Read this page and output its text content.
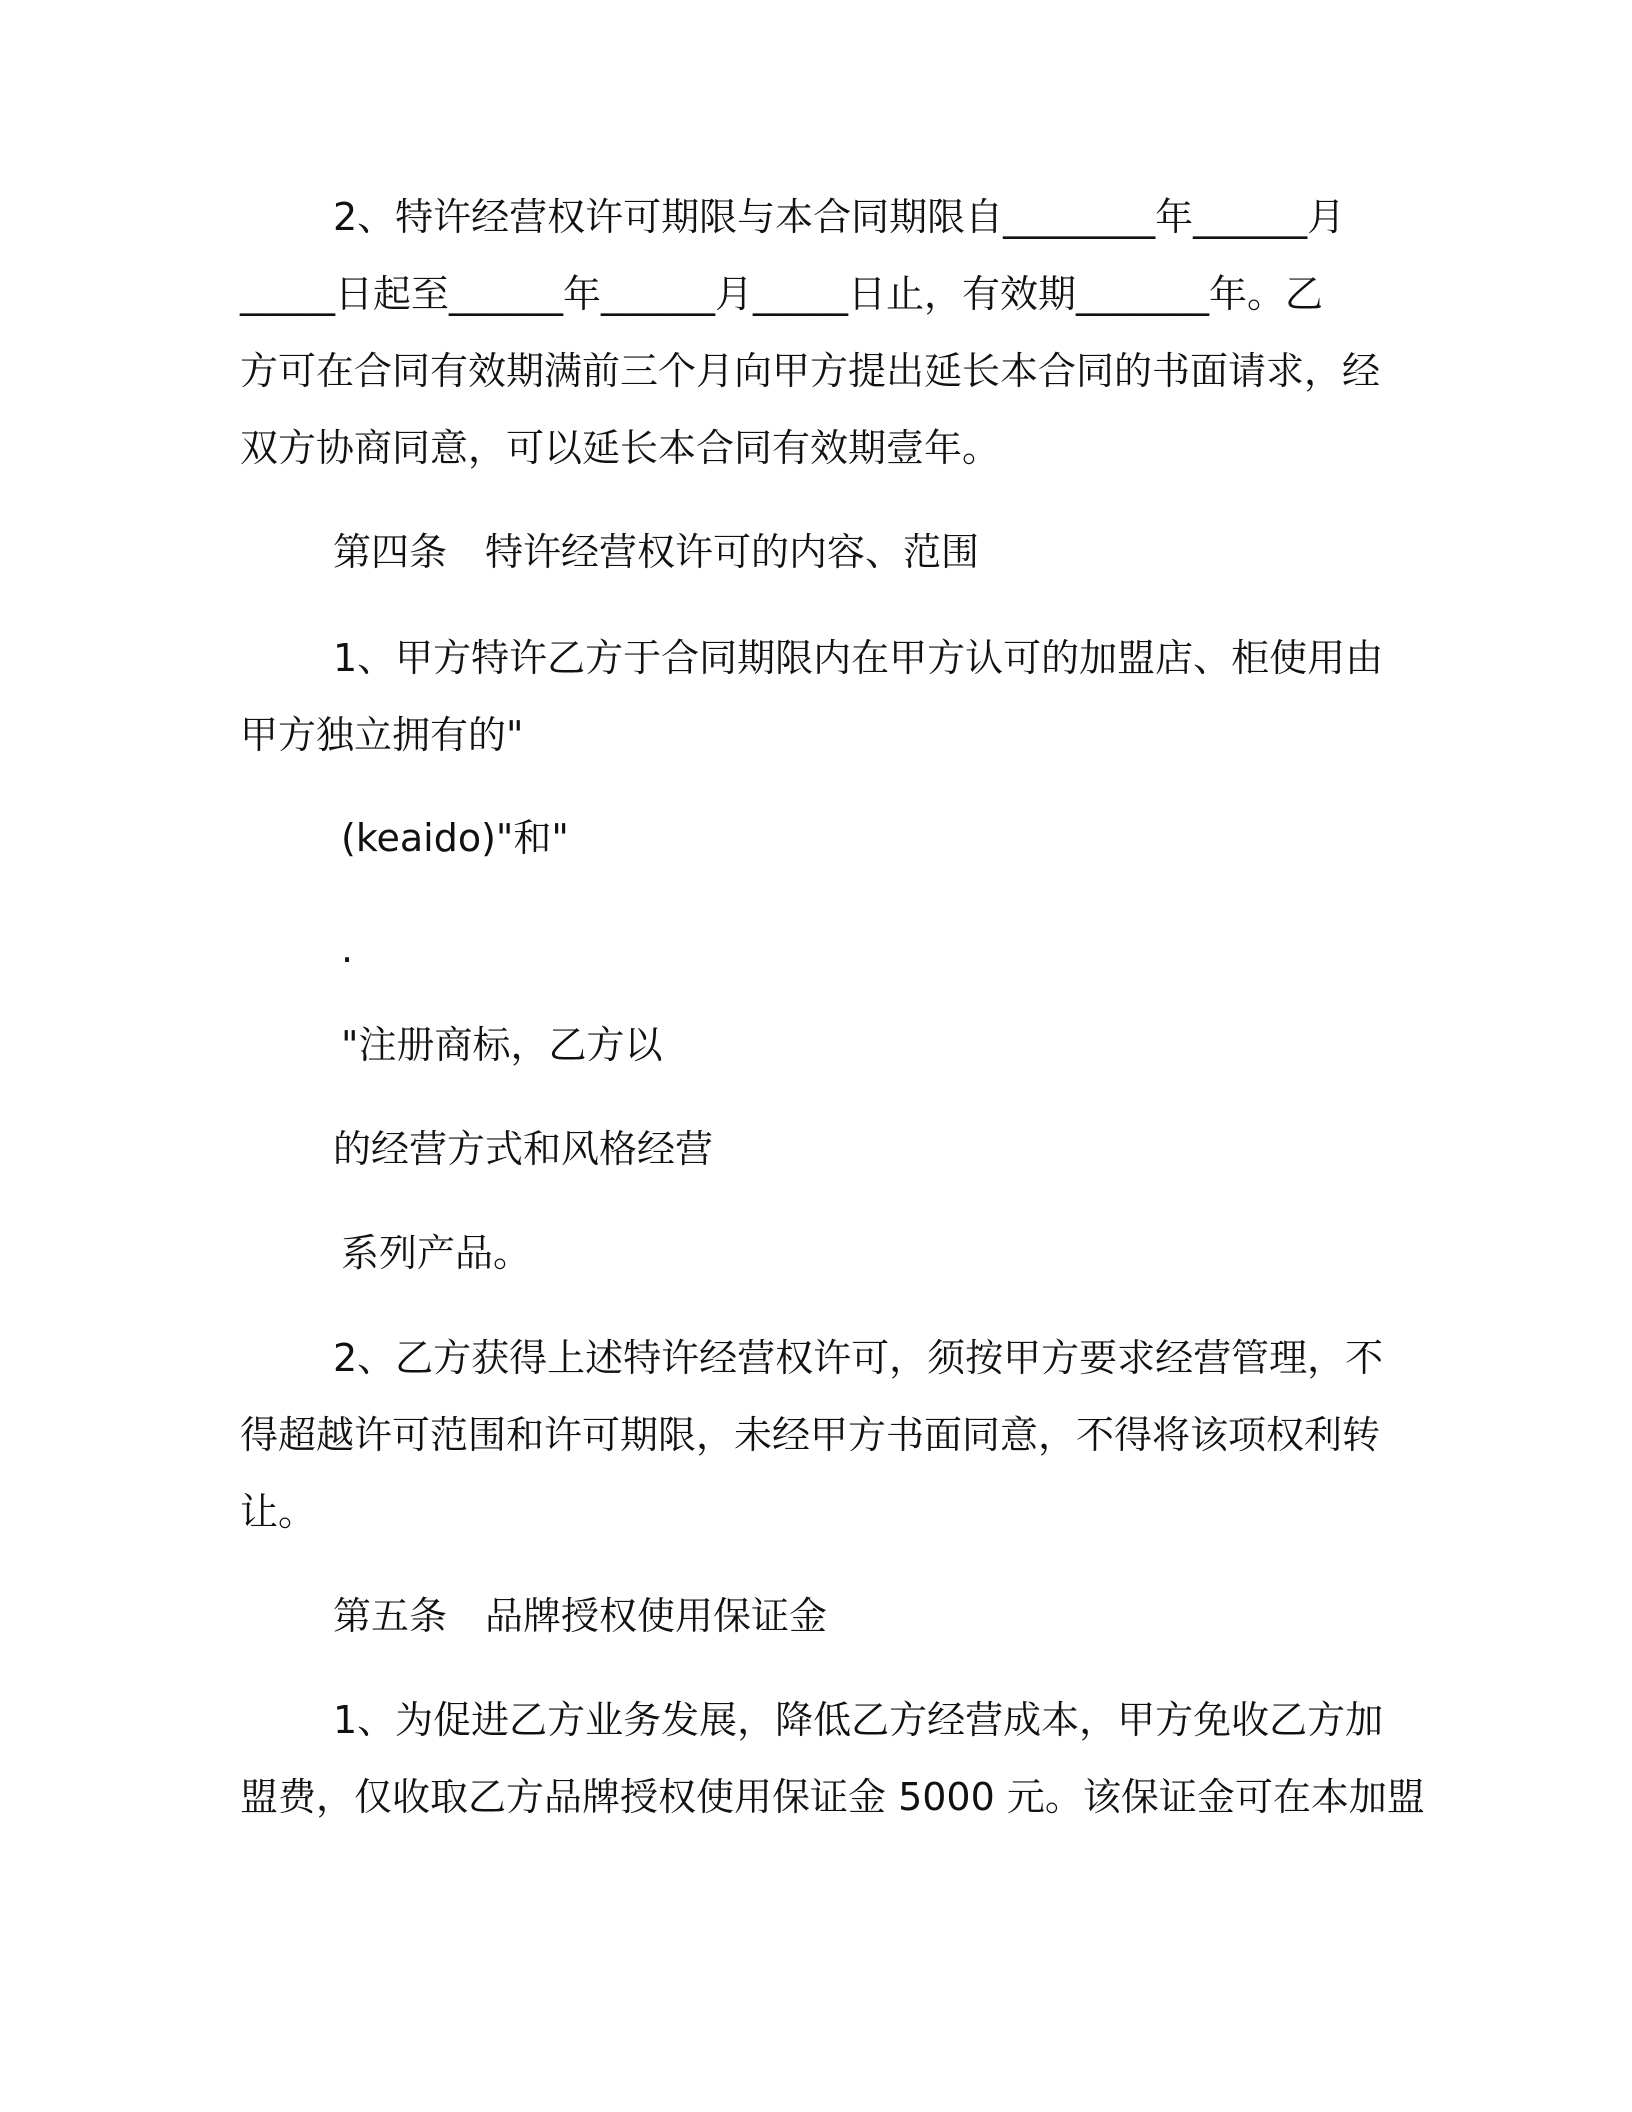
2、特许经营权许可期限与本合同期限自________年______月

_____日起至______年______月_____日止，有效期_______年。乙

方可在合同有效期满前三个月向甲方提出延长本合同的书面请求，经

双方协商同意，可以延长本合同有效期壹年。

第四条　特许经营权许可的内容、范围

1、甲方特许乙方于合同期限内在甲方认可的加盟店、柜使用由

甲方独立拥有的"

(keaido)"和"

.

"注册商标，乙方以

的经营方式和风格经营

系列产品。

2、乙方获得上述特许经营权许可，须按甲方要求经营管理，不

得超越许可范围和许可期限，未经甲方书面同意，不得将该项权利转

让。

第五条　品牌授权使用保证金

1、为促进乙方业务发展，降低乙方经营成本，甲方免收乙方加

盟费，仅收取乙方品牌授权使用保证金 5000 元。该保证金可在本加盟
